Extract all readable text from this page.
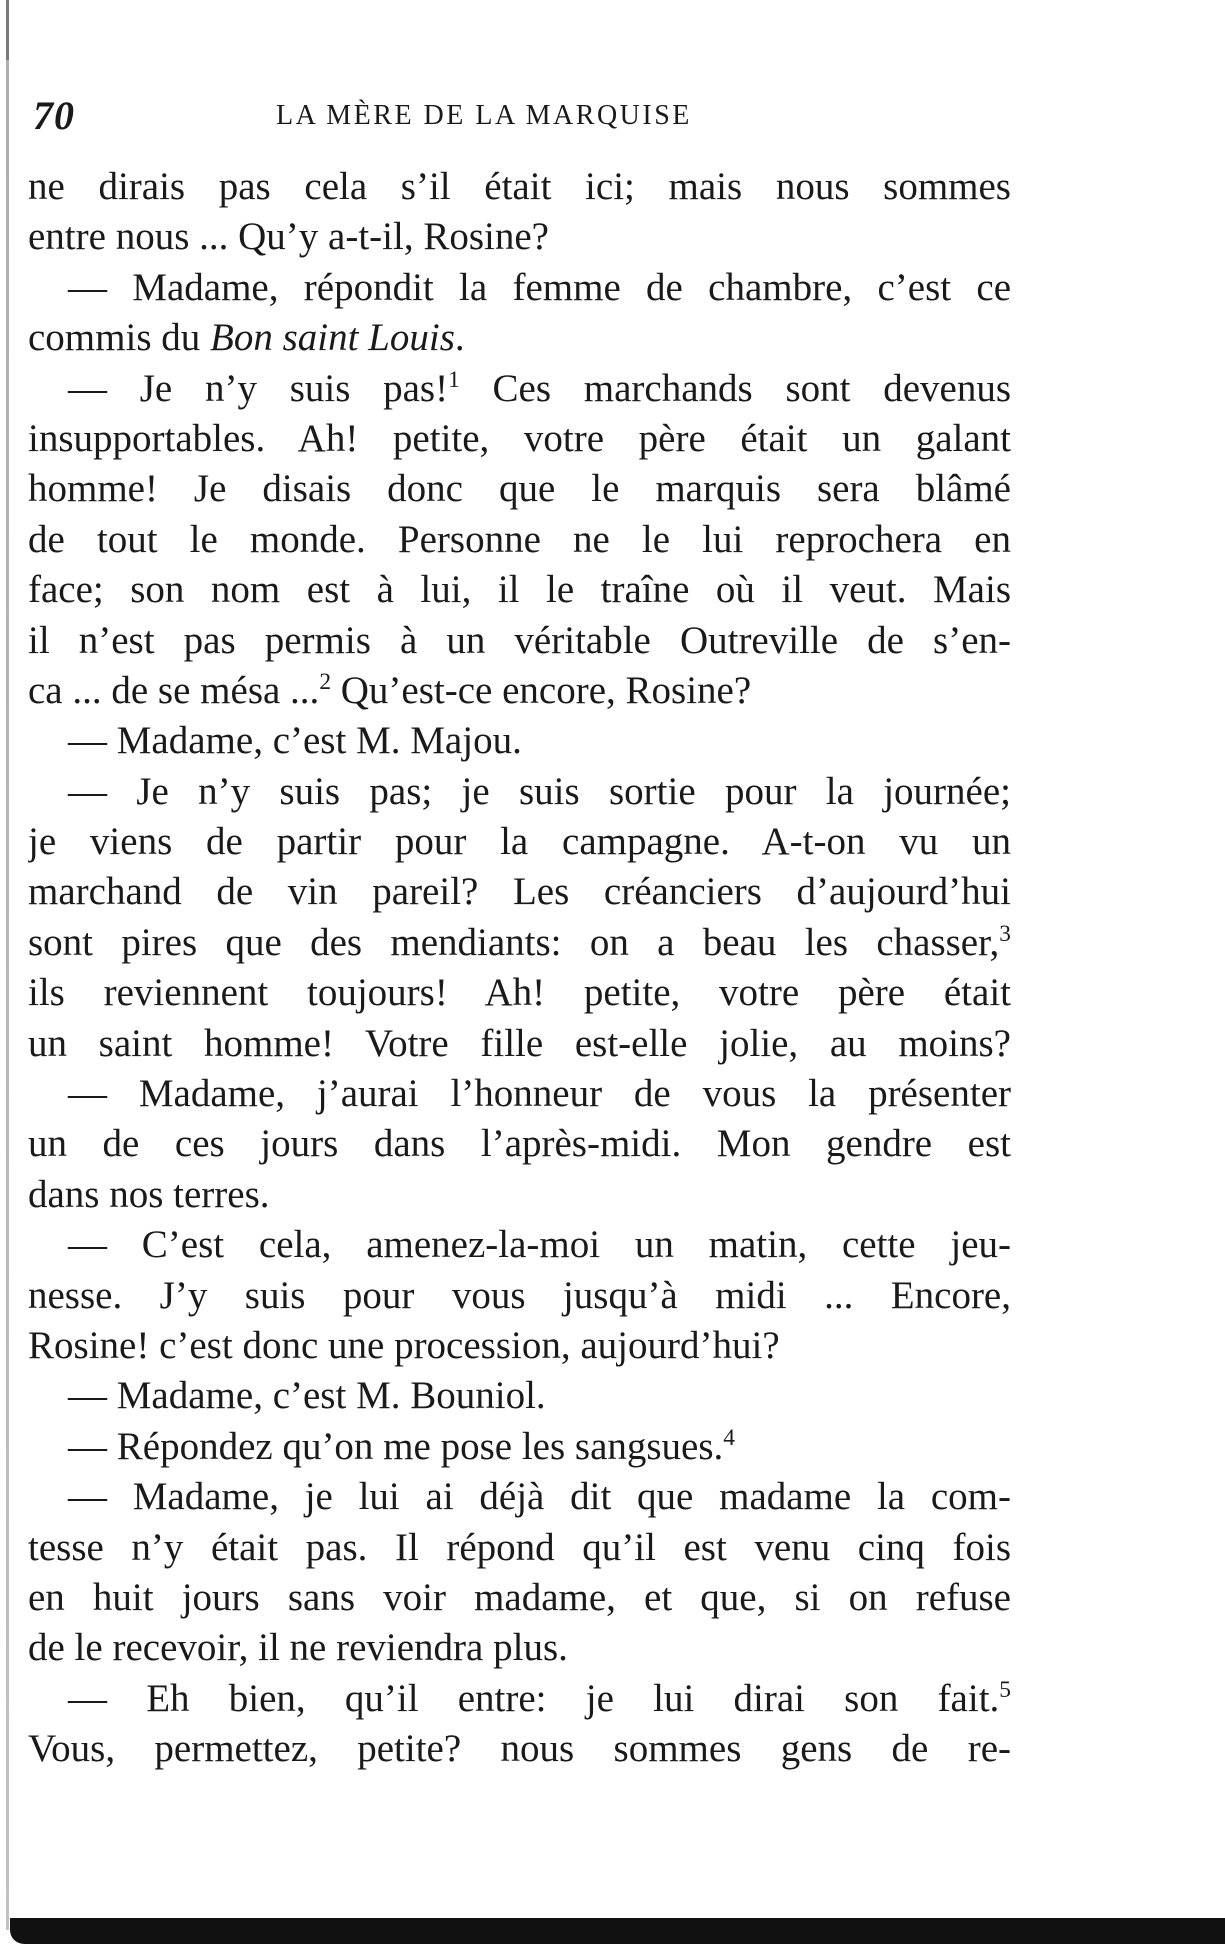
70	LA MÈRE DE LA MARQUISE
ne dirais pas cela s’il était ici; mais nous sommes
entre nous ... Qu’y a-t-il, Rosine?
— Madame, répondit la femme de chambre, c’est ce
commis du Bon saint Louis.
— Je n’y suis pas!$^1$ Ces marchands sont devenus
insupportables. Ah! petite, votre père était un galant
homme! Je disais donc que le marquis sera blâmé
de tout le monde. Personne ne le lui reprochera en
face; son nom est à lui, il le traîne où il veut. Mais
il n’est pas permis à un véritable Outreville de s’en-
ca ... de se mésa ...$^2$ Qu’est-ce encore, Rosine?
— Madame, c’est M. Majou.
— Je n’y suis pas; je suis sortie pour la journée;
je viens de partir pour la campagne. A-t-on vu un
marchand de vin pareil? Les créanciers d’aujourd’hui
sont pires que des mendiants: on a beau les chasser,$^3$
ils reviennent toujours! Ah! petite, votre père était
un saint homme! Votre fille est-elle jolie, au moins?
— Madame, j’aurai l’honneur de vous la présenter
un de ces jours dans l’après-midi. Mon gendre est
dans nos terres.
— C’est cela, amenez-la-moi un matin, cette jeu-
nesse. J’y suis pour vous jusqu’à midi ... Encore,
Rosine! c’est donc une procession, aujourd’hui?
— Madame, c’est M. Bouniol.
— Répondez qu’on me pose les sangsues.$^4$
— Madame, je lui ai déjà dit que madame la com-
tesse n’y était pas. Il répond qu’il est venu cinq fois
en huit jours sans voir madame, et que, si on refuse
de le recevoir, il ne reviendra plus.
— Eh bien, qu’il entre: je lui dirai son fait.$^5$
Vous, permettez, petite? nous sommes gens de re-
